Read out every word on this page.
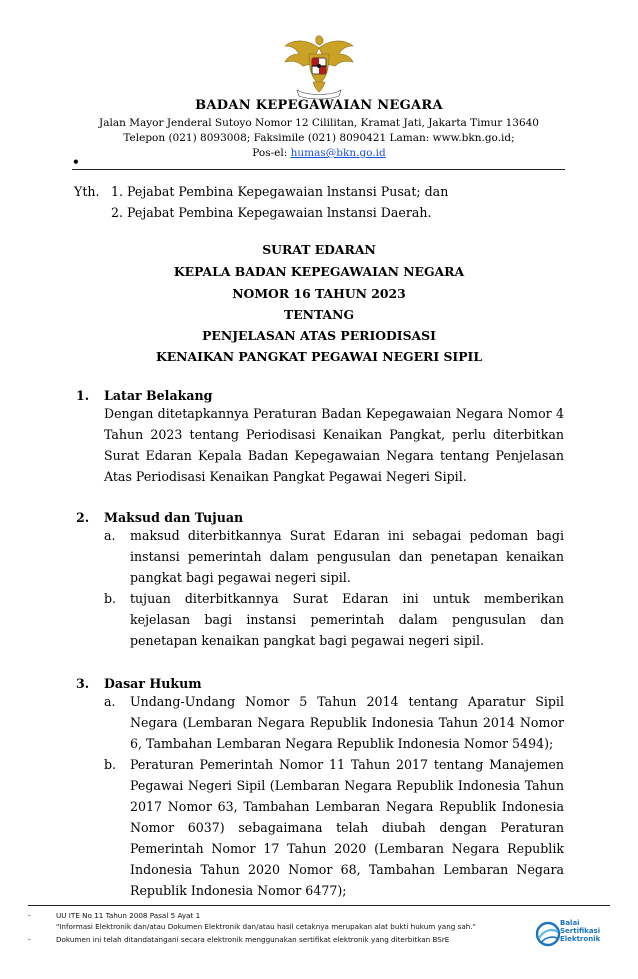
BADAN KEPEGAWAIAN NEGARA
Jalan Mayor Jenderal Sutoyo Nomor 12 Cililitan, Kramat Jati, Jakarta Timur 13640
Telepon (021) 8093008; Faksimile (021) 8090421 Laman: www.bkn.go.id;
Pos-el: humas@bkn.go.id
•
Yth. 1. Pejabat Pembina Kepegawaian lnstansi Pusat; dan
2. Pejabat Pembina Kepegawaian lnstansi Daerah.
SURAT EDARAN
KEPALA BADAN KEPEGAWAIAN NEGARA
NOMOR 16 TAHUN 2023
TENTANG
PENJELASAN ATAS PERIODISASI
KENAIKAN PANGKAT PEGAWAI NEGERI SIPIL
1. Latar Belakang

Dengan ditetapkannya Peraturan Badan Kepegawaian Negara Nomor 4 Tahun 2023 tentang Periodisasi Kenaikan Pangkat, perlu diterbitkan Surat Edaran Kepala Badan Kepegawaian Negara tentang Penjelasan Atas Periodisasi Kenaikan Pangkat Pegawai Negeri Sipil.

2. Maksud dan Tujuan
a.	maksud diterbitkannya Surat Edaran ini sebagai pedoman bagi instansi pemerintah dalam pengusulan dan penetapan kenaikan pangkat bagi pegawai negeri sipil.
b.	tujuan diterbitkannya Surat Edaran ini untuk memberikan kejelasan bagi instansi pemerintah dalam pengusulan dan penetapan kenaikan pangkat bagi pegawai negeri sipil.
3. Dasar Hukum
a.	Undang-Undang Nomor 5 Tahun 2014 tentang Aparatur Sipil Negara (Lembaran Negara Republik Indonesia Tahun 2014 Nomor 6, Tambahan Lembaran Negara Republik Indonesia Nomor 5494);
b.	Peraturan Pemerintah Nomor 11 Tahun 2017 tentang Manajemen Pegawai Negeri Sipil (Lembaran Negara Republik Indonesia Tahun 2017 Nomor 63, Tambahan Lembaran Negara Republik Indonesia Nomor 6037) sebagaimana telah diubah dengan Peraturan Pemerintah Nomor 17 Tahun 2020 (Lembaran Negara Republik Indonesia Tahun 2020 Nomor 68, Tambahan Lembaran Negara Republik Indonesia Nomor 6477);
-	UU ITE No 11 Tahun 2008 Pasal 5 Ayat 1
"Informasi Elektronik dan/atau Dokumen Elektronik dan/atau hasil cetaknya merupakan alat bukti hukum yang sah."
-	Dokumen ini telah ditandatangani secara elektronik menggunakan sertifikat elektronik yang diterbitkan BSrE
Balai
Sertifikasi
Elektronik
